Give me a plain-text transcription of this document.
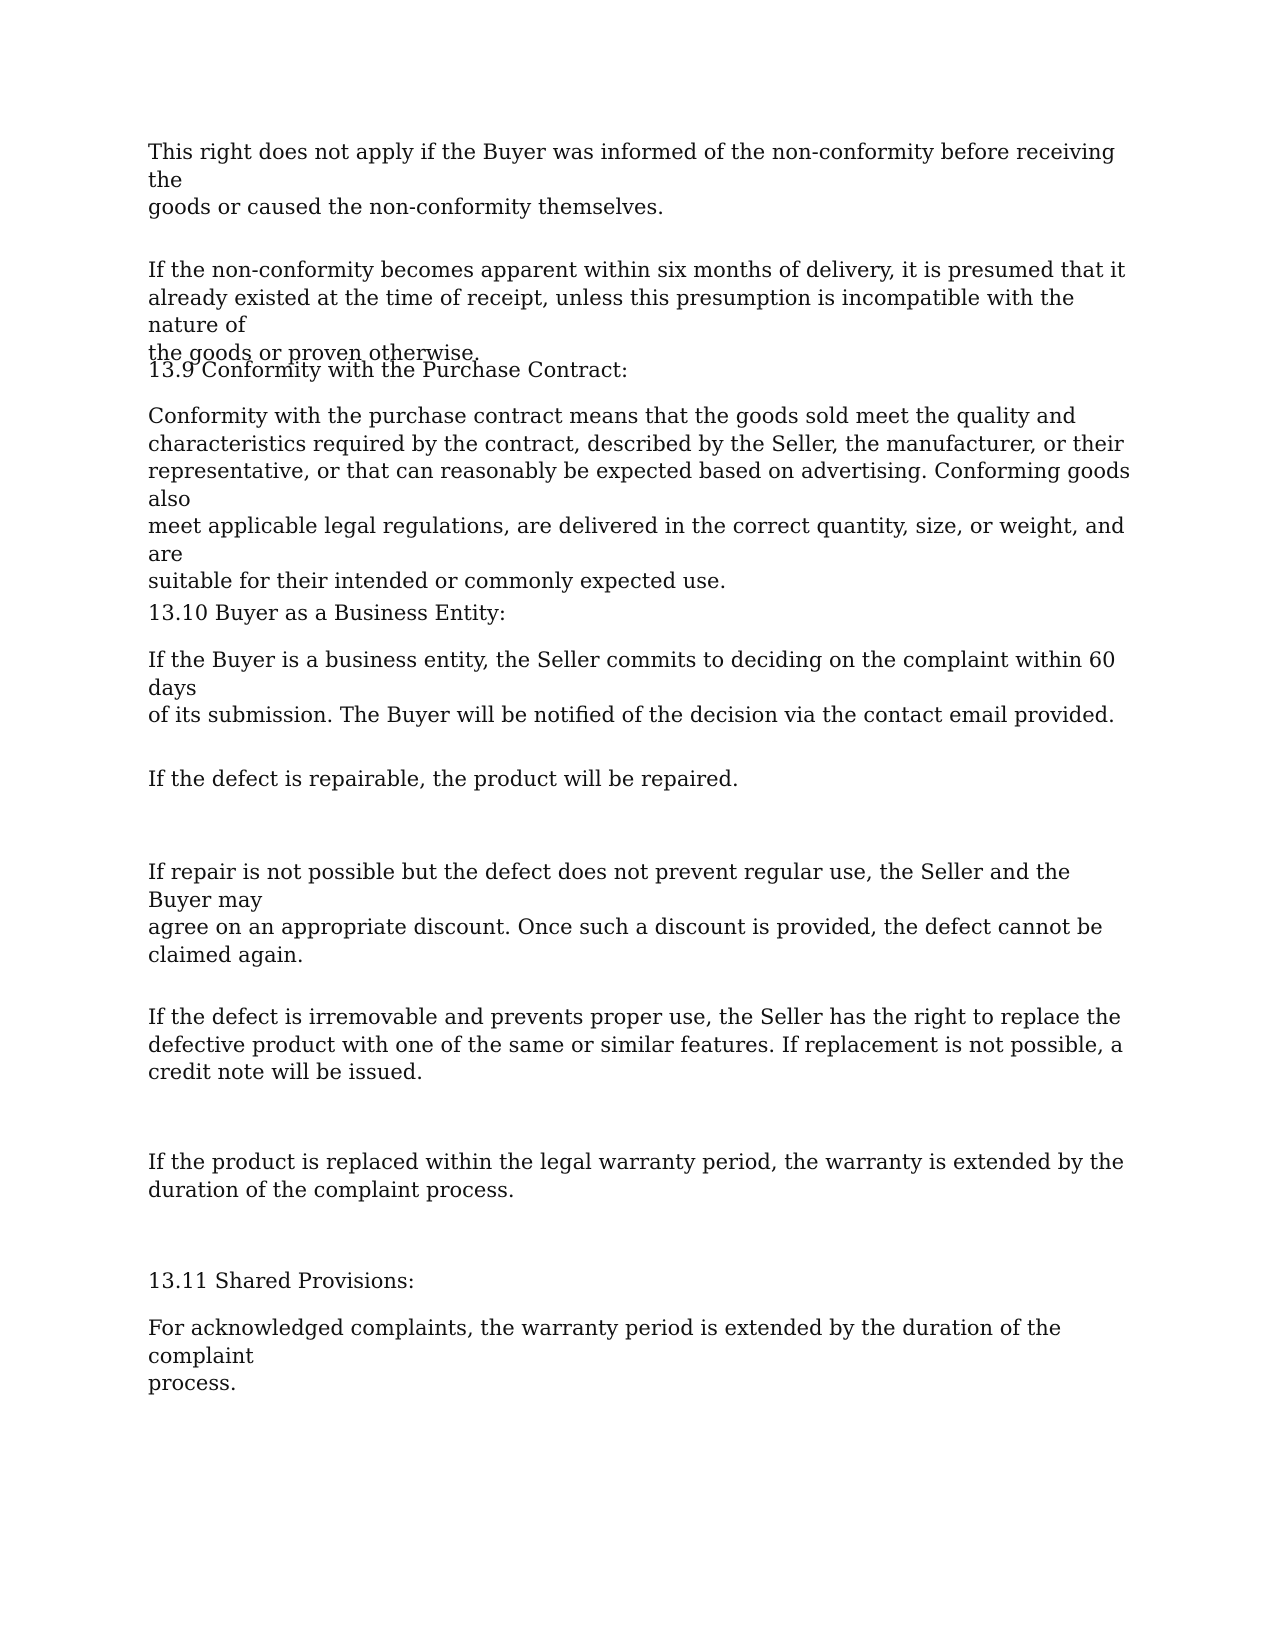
This right does not apply if the Buyer was informed of the non-conformity before receiving the
goods or caused the non-conformity themselves.

If the non-conformity becomes apparent within six months of delivery, it is presumed that it
already existed at the time of receipt, unless this presumption is incompatible with the nature of
the goods or proven otherwise.

13.9 Conformity with the Purchase Contract:

Conformity with the purchase contract means that the goods sold meet the quality and
characteristics required by the contract, described by the Seller, the manufacturer, or their
representative, or that can reasonably be expected based on advertising. Conforming goods also
meet applicable legal regulations, are delivered in the correct quantity, size, or weight, and are
suitable for their intended or commonly expected use.

13.10 Buyer as a Business Entity:

If the Buyer is a business entity, the Seller commits to deciding on the complaint within 60 days
of its submission. The Buyer will be notified of the decision via the contact email provided.

If the defect is repairable, the product will be repaired.

If repair is not possible but the defect does not prevent regular use, the Seller and the Buyer may
agree on an appropriate discount. Once such a discount is provided, the defect cannot be
claimed again.

If the defect is irremovable and prevents proper use, the Seller has the right to replace the
defective product with one of the same or similar features. If replacement is not possible, a
credit note will be issued.

If the product is replaced within the legal warranty period, the warranty is extended by the
duration of the complaint process.

13.11 Shared Provisions:

For acknowledged complaints, the warranty period is extended by the duration of the complaint
process.
